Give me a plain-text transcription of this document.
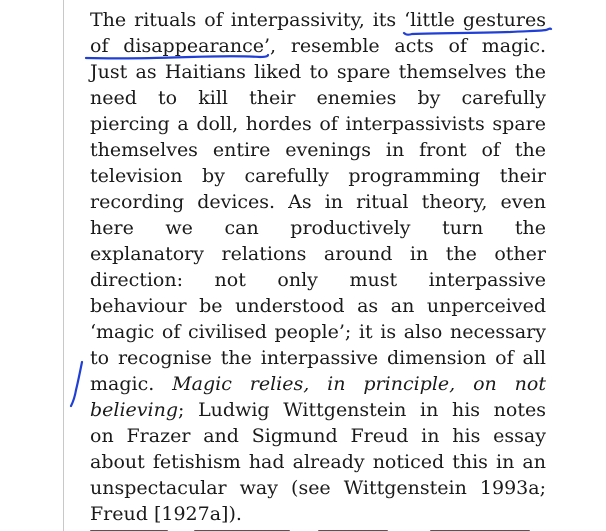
The rituals of interpassivity, its ‘little gestures
of disappearance’, resemble acts of magic.
Just as Haitians liked to spare themselves the
need to kill their enemies by carefully
piercing a doll, hordes of interpassivists spare
themselves entire evenings in front of the
television by carefully programming their
recording devices. As in ritual theory, even
here we can productively turn the
explanatory relations around in the other
direction: not only must interpassive
behaviour be understood as an unperceived
‘magic of civilised people’; it is also necessary
to recognise the interpassive dimension of all
magic. Magic relies, in principle, on not
believing; Ludwig Wittgenstein in his notes
on Frazer and Sigmund Freud in his essay
about fetishism had already noticed this in an
unspectacular way (see Wittgenstein 1993a;
Freud [1927a]).
